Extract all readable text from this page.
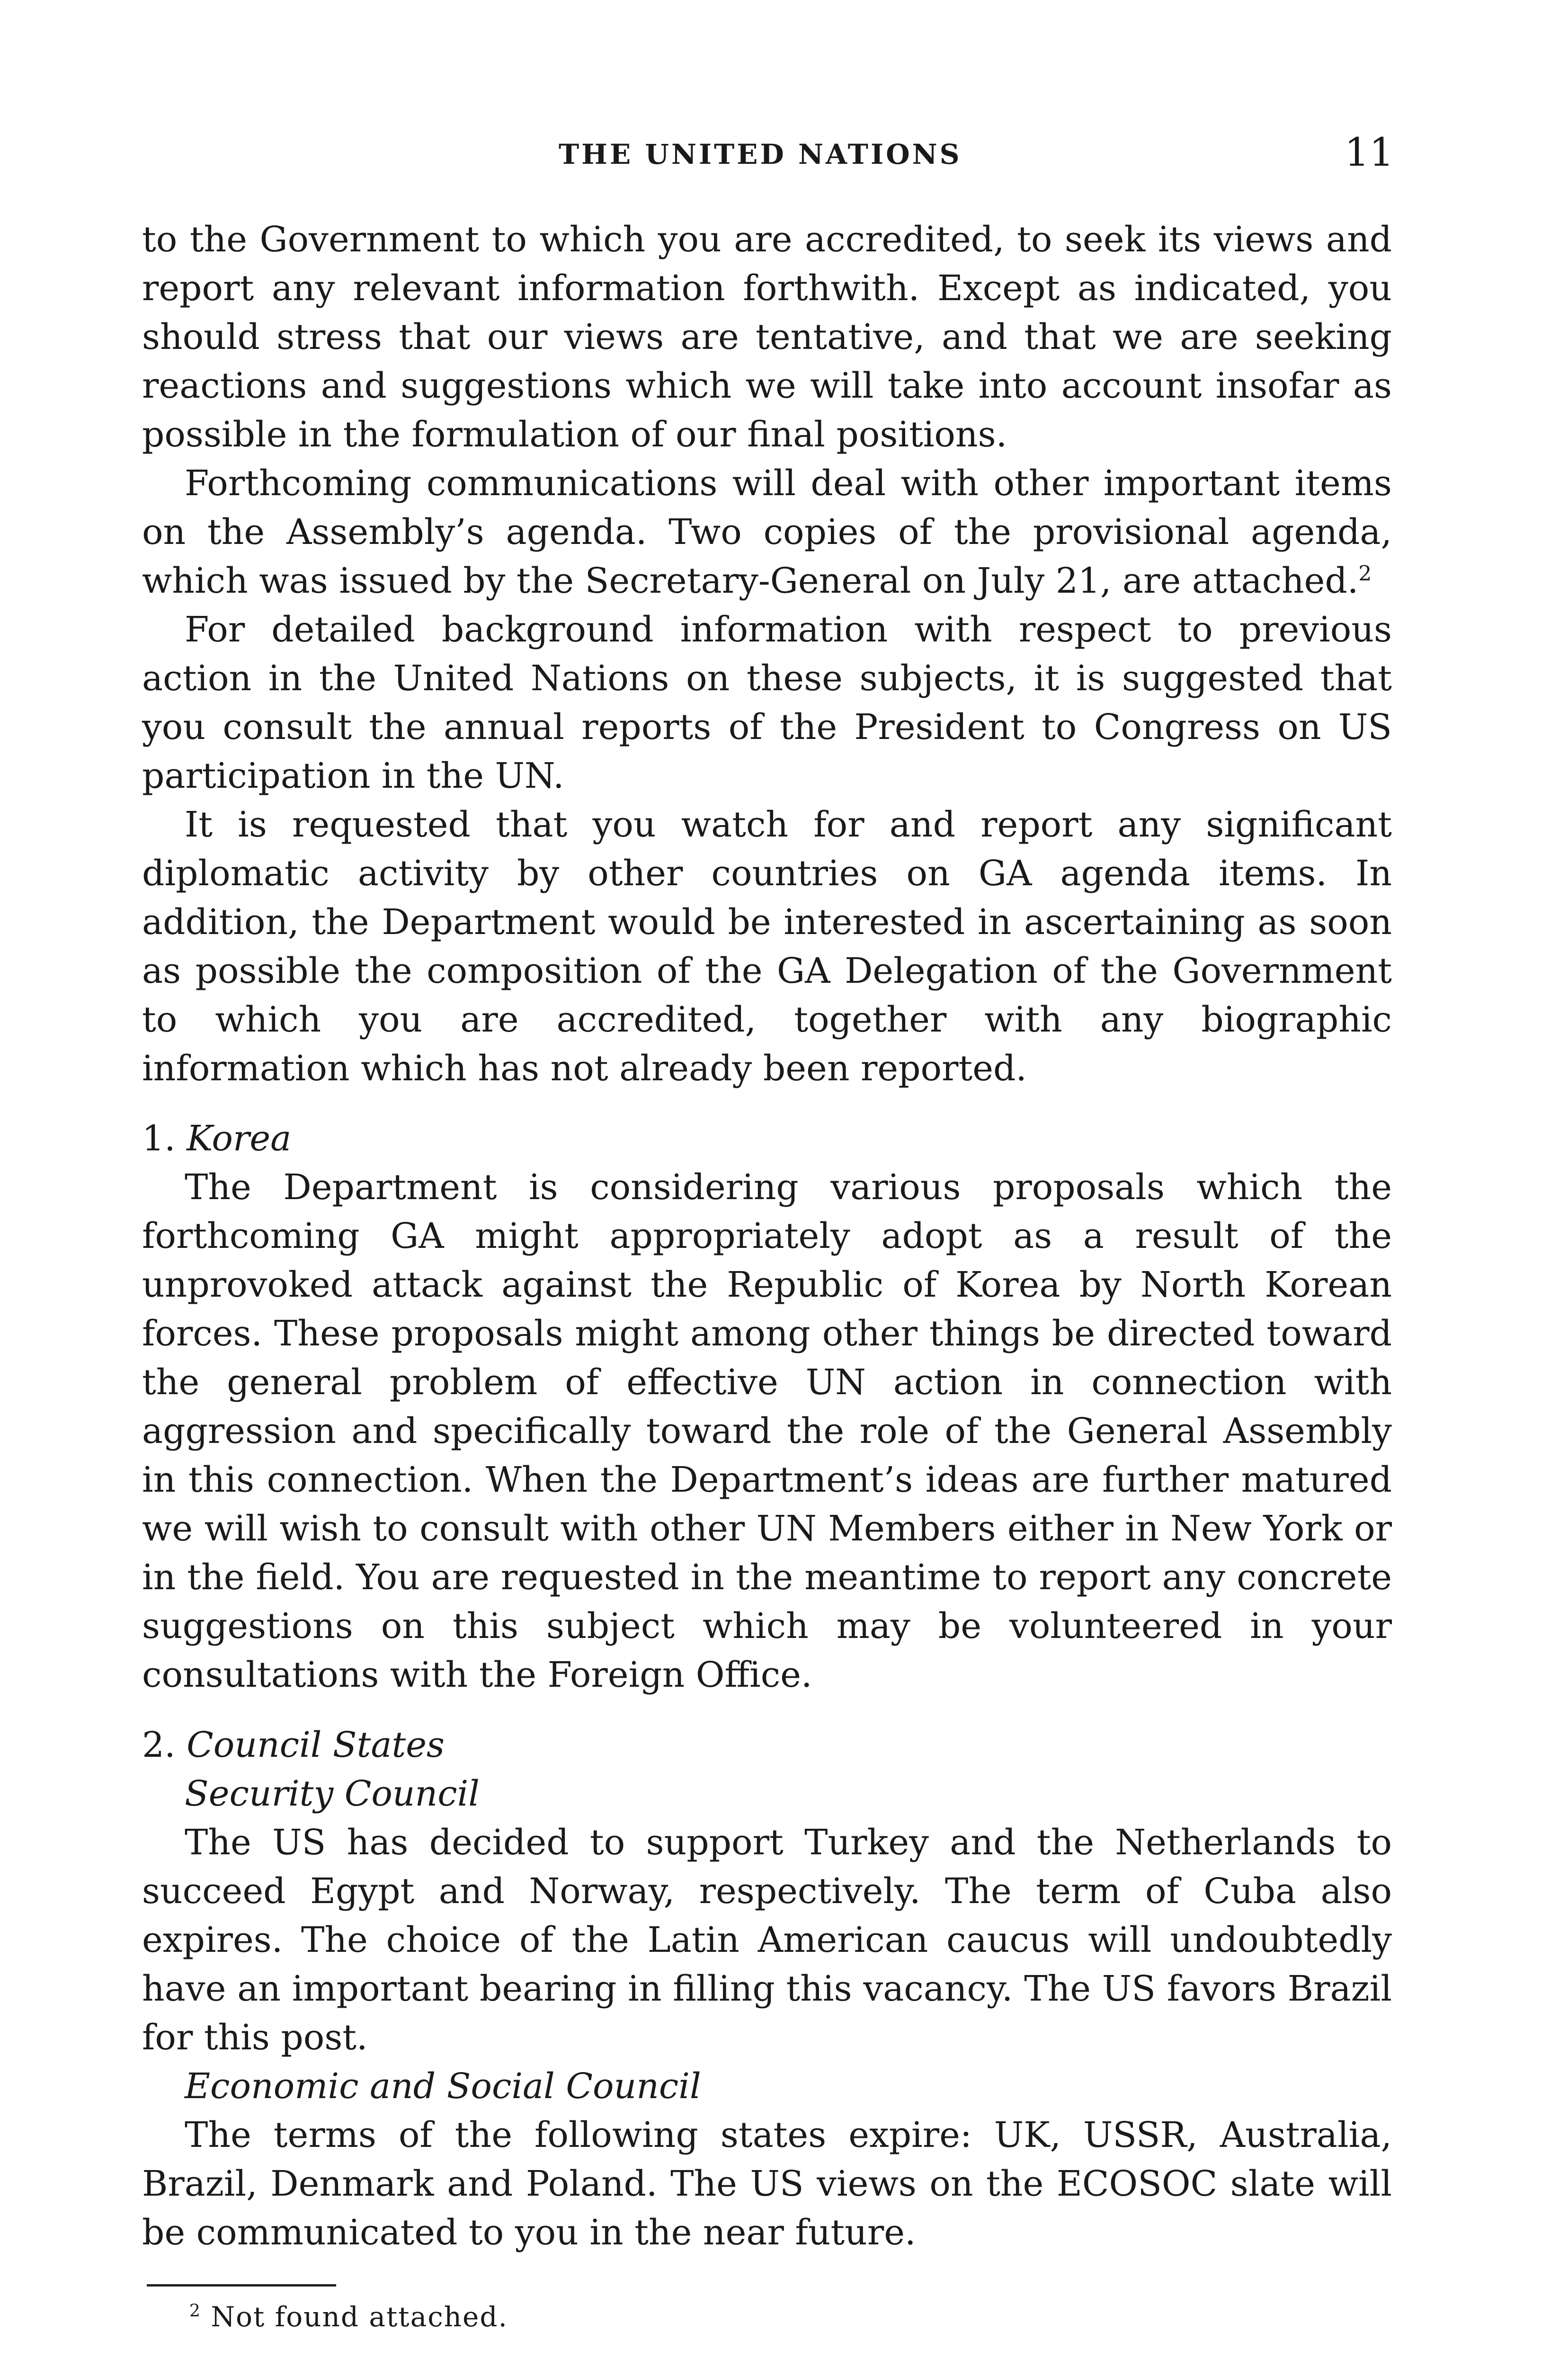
THE UNITED NATIONS	11

to the Government to which you are accredited, to seek its views and report any relevant information forthwith. Except as indicated, you should stress that our views are tentative, and that we are seeking reactions and suggestions which we will take into account insofar as possible in the formulation of our final positions.

Forthcoming communications will deal with other important items on the Assembly’s agenda. Two copies of the provisional agenda, which was issued by the Secretary-General on July 21, are attached.$^2$

For detailed background information with respect to previous action in the United Nations on these subjects, it is suggested that you consult the annual reports of the President to Congress on US participation in the UN.

It is requested that you watch for and report any significant diplomatic activity by other countries on GA agenda items. In addition, the Department would be interested in ascertaining as soon as possible the composition of the GA Delegation of the Government to which you are accredited, together with any biographic information which has not already been reported.

1. Korea

The Department is considering various proposals which the forthcoming GA might appropriately adopt as a result of the unprovoked attack against the Republic of Korea by North Korean forces. These proposals might among other things be directed toward the general problem of effective UN action in connection with aggression and specifically toward the role of the General Assembly in this connection. When the Department’s ideas are further matured we will wish to consult with other UN Members either in New York or in the field. You are requested in the meantime to report any concrete suggestions on this subject which may be volunteered in your consultations with the Foreign Office.

2. Council States

Security Council

The US has decided to support Turkey and the Netherlands to succeed Egypt and Norway, respectively. The term of Cuba also expires. The choice of the Latin American caucus will undoubtedly have an important bearing in filling this vacancy. The US favors Brazil for this post.

Economic and Social Council

The terms of the following states expire: UK, USSR, Australia, Brazil, Denmark and Poland. The US views on the ECOSOC slate will be communicated to you in the near future.

$^2$ Not found attached.
